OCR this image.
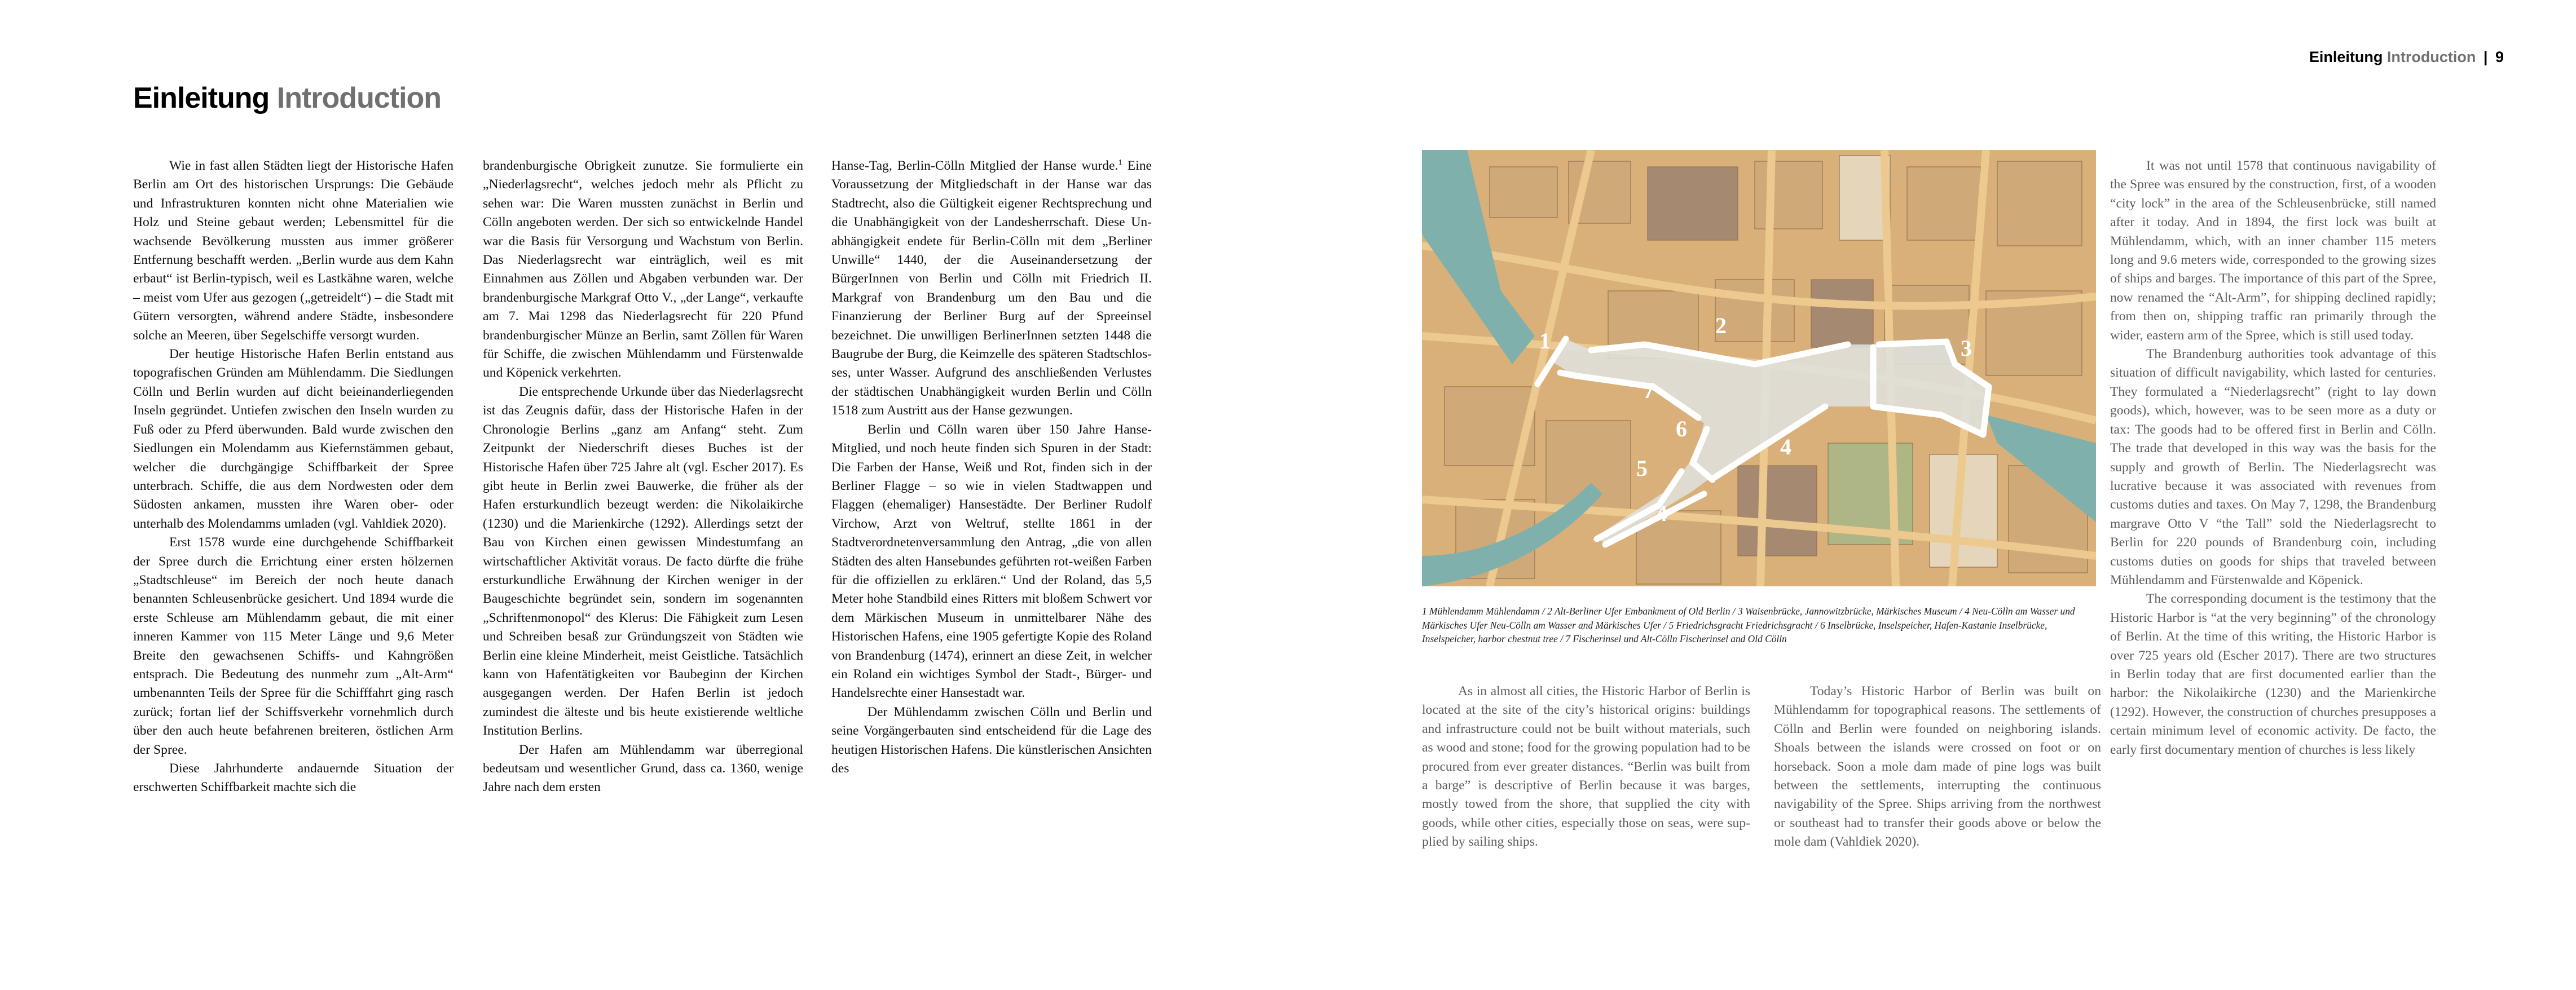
Einleitung Introduction

Wie in fast allen Städten liegt der Historische Hafen Berlin am Ort des historischen Ursprungs: Die Gebäude und Infrastrukturen konnten nicht ohne Materialien wie Holz und Steine gebaut werden; Lebensmittel für die wachsende Bevölkerung mussten aus immer größerer Entfernung beschafft werden. „Berlin wurde aus dem Kahn erbaut“ ist Berlin-typisch, weil es Lastkähne waren, welche – meist vom Ufer aus gezogen („getreidelt“) – die Stadt mit Gütern versorgten, während andere Städte, insbesondere solche an Meeren, über Segelschiffe versorgt wurden.

Der heutige Historische Hafen Berlin entstand aus topografischen Gründen am Mühlendamm. Die Siedlungen Cölln und Berlin wurden auf dicht beieinanderliegenden Inseln gegründet. Untiefen zwischen den Inseln wurden zu Fuß oder zu Pferd überwunden. Bald wurde zwischen den Siedlungen ein Molendamm aus Kiefernstämmen gebaut, welcher die durchgängige Schiffbarkeit der Spree unterbrach. Schiffe, die aus dem Nordwesten oder dem Südosten ankamen, mussten ihre Waren ober- oder unterhalb des Molendamms umladen (vgl. Vahldiek 2020).

Erst 1578 wurde eine durchgehende Schiffbarkeit der Spree durch die Errichtung einer ersten hölzernen „Stadtschleuse“ im Bereich der noch heute danach benannten Schleusenbrücke gesichert. Und 1894 wurde die erste Schleuse am Mühlendamm gebaut, die mit einer inneren Kammer von 115 Meter Länge und 9,6 Meter Breite den gewachsenen Schiffs- und Kahngrößen entsprach. Die Bedeutung des nunmehr zum „Alt-Arm“ umbenannten Teils der Spree für die Schifffahrt ging rasch zurück; fortan lief der Schiffsverkehr vornehmlich durch über den auch heute befahrenen breiteren, östlichen Arm der Spree.

Diese Jahrhunderte andauernde Situation der erschwerten Schiffbarkeit machte sich die

brandenburgische Obrigkeit zunutze. Sie formulierte ein „Niederlagsrecht“, welches jedoch mehr als Pflicht zu sehen war: Die Waren mussten zunächst in Berlin und Cölln angeboten werden. Der sich so entwickelnde Handel war die Basis für Versorgung und Wachstum von Berlin. Das Niederlagsrecht war einträglich, weil es mit Einnahmen aus Zöllen und Abgaben verbunden war. Der brandenburgische Markgraf Otto V., „der Lange“, verkaufte am 7. Mai 1298 das Niederlagsrecht für 220 Pfund brandenburgischer Münze an Berlin, samt Zöllen für Waren für Schiffe, die zwischen Mühlendamm und Fürstenwalde und Köpenick verkehrten.

Die entsprechende Urkunde über das Niederlagsrecht ist das Zeugnis dafür, dass der Historische Hafen in der Chronologie Berlins „ganz am Anfang“ steht. Zum Zeitpunkt der Niederschrift dieses Buches ist der Historische Hafen über 725 Jahre alt (vgl. Escher 2017). Es gibt heute in Berlin zwei Bauwerke, die früher als der Hafen ersturkundlich bezeugt werden: die Nikolaikirche (1230) und die Marienkirche (1292). Allerdings setzt der Bau von Kirchen einen gewissen Mindestumfang an wirtschaftlicher Aktivität voraus. De facto dürfte die frühe ersturkundliche Erwähnung der Kirchen weniger in der Baugeschichte begründet sein, sondern im sogenannten „Schriftenmonopol“ des Klerus: Die Fähigkeit zum Lesen und Schreiben besaß zur Gründungszeit von Städten wie Berlin eine kleine Minderheit, meist Geistliche. Tatsächlich kann von Hafentätigkeiten vor Baubeginn der Kirchen ausgegangen werden. Der Hafen Berlin ist jedoch zumindest die älteste und bis heute existierende weltliche Institution Berlins.

Der Hafen am Mühlendamm war überregional bedeutsam und wesentlicher Grund, dass ca. 1360, wenige Jahre nach dem ersten

Hanse-Tag, Berlin-Cölln Mitglied der Hanse wurde.$^1$ Eine Voraussetzung der Mitgliedschaft in der Hanse war das Stadtrecht, also die Gültigkeit eigener Rechtsprechung und die Unabhängigkeit von der Landesherrschaft. Diese Unabhängigkeit endete für Berlin-Cölln mit dem „Berliner Unwille“ 1440, der die Auseinandersetzung der BürgerInnen von Berlin und Cölln mit Friedrich II. Markgraf von Brandenburg um den Bau und die Finanzierung der Berliner Burg auf der Spreeinsel bezeichnet. Die unwilligen BerlinerInnen setzten 1448 die Baugrube der Burg, die Keimzelle des späteren Stadtschlosses, unter Wasser. Aufgrund des anschließenden Verlustes der städtischen Unabhängigkeit wurden Berlin und Cölln 1518 zum Austritt aus der Hanse gezwungen.

Berlin und Cölln waren über 150 Jahre Hanse-Mitglied, und noch heute finden sich Spuren in der Stadt: Die Farben der Hanse, Weiß und Rot, finden sich in der Berliner Flagge – so wie in vielen Stadtwappen und Flaggen (ehemaliger) Hansestädte. Der Berliner Rudolf Virchow, Arzt von Weltruf, stellte 1861 in der Stadtverordnetenversammlung den Antrag, „die von allen Städten des alten Hansebundes geführten rot-weißen Farben für die offiziellen zu erklären.“ Und der Roland, das 5,5 Meter hohe Standbild eines Ritters mit bloßem Schwert vor dem Märkischen Museum in unmittelbarer Nähe des Historischen Hafens, eine 1905 gefertigte Kopie des Roland von Brandenburg (1474), erinnert an diese Zeit, in welcher ein Roland ein wichtiges Symbol der Stadt-, Bürger- und Handelsrechte einer Hansestadt war.

Der Mühlendamm zwischen Cölln und Berlin und seine Vorgängerbauten sind entscheidend für die Lage des heutigen Historischen Hafens. Die künstlerischen Ansichten des

Einleitung Introduction | 9
1
2
3
4
4
5
6
7
1 Mühlendamm Mühlendamm / 2 Alt-Berliner Ufer Embankment of Old Berlin / 3 Waisenbrücke, Jannowitzbrücke, Märkisches Museum / 4 Neu-Cölln am Wasser und Märkisches Ufer Neu-Cölln am Wasser and Märkisches Ufer / 5 Friedrichsgracht Friedrichsgracht / 6 Inselbrücke, Inselspeicher, Hafen-Kastanie Inselbrücke, Inselspeicher, harbor chestnut tree / 7 Fischerinsel und Alt-Cölln Fischerinsel and Old Cölln

As in almost all cities, the Historic Harbor of Berlin is located at the site of the city’s historical origins: buildings and infrastructure could not be built without materials, such as wood and stone; food for the growing population had to be procured from ever greater distances. “Berlin was built from a barge” is descriptive of Berlin because it was barges, mostly towed from the shore, that supplied the city with goods, while other cities, especially those on seas, were supplied by sailing ships.

Today’s Historic Harbor of Berlin was built on Mühlendamm for topographical reasons. The settlements of Cölln and Berlin were founded on neighboring islands. Shoals between the islands were crossed on foot or on horseback. Soon a mole dam made of pine logs was built between the settlements, interrupting the continuous navigability of the Spree. Ships arriving from the northwest or southeast had to transfer their goods above or below the mole dam (Vahldiek 2020).

It was not until 1578 that continuous navigability of the Spree was ensured by the construction, first, of a wooden “city lock” in the area of the Schleusenbrücke, still named after it today. And in 1894, the first lock was built at Mühlendamm, which, with an inner chamber 115 meters long and 9.6 meters wide, corresponded to the growing sizes of ships and barges. The importance of this part of the Spree, now renamed the “Alt-Arm”, for shipping declined rapidly; from then on, shipping traffic ran primarily through the wider, eastern arm of the Spree, which is still used today.

The Brandenburg authorities took advantage of this situation of difficult navigability, which lasted for centuries. They formulated a “Niederlagsrecht” (right to lay down goods), which, however, was to be seen more as a duty or tax: The goods had to be offered first in Berlin and Cölln. The trade that developed in this way was the basis for the supply and growth of Berlin. The Niederlagsrecht was lucrative because it was associated with revenues from customs duties and taxes. On May 7, 1298, the Brandenburg margrave Otto V “the Tall” sold the Niederlagsrecht to Berlin for 220 pounds of Brandenburg coin, including customs duties on goods for ships that traveled between Mühlendamm and Fürstenwalde and Köpenick.

The corresponding document is the testimony that the Historic Harbor is “at the very beginning” of the chronology of Berlin. At the time of this writing, the Historic Harbor is over 725 years old (Escher 2017). There are two structures in Berlin today that are first documented earlier than the harbor: the Nikolaikirche (1230) and the Marienkirche (1292). However, the construction of churches presupposes a certain minimum level of economic activity. De facto, the early first documentary mention of churches is less likely
